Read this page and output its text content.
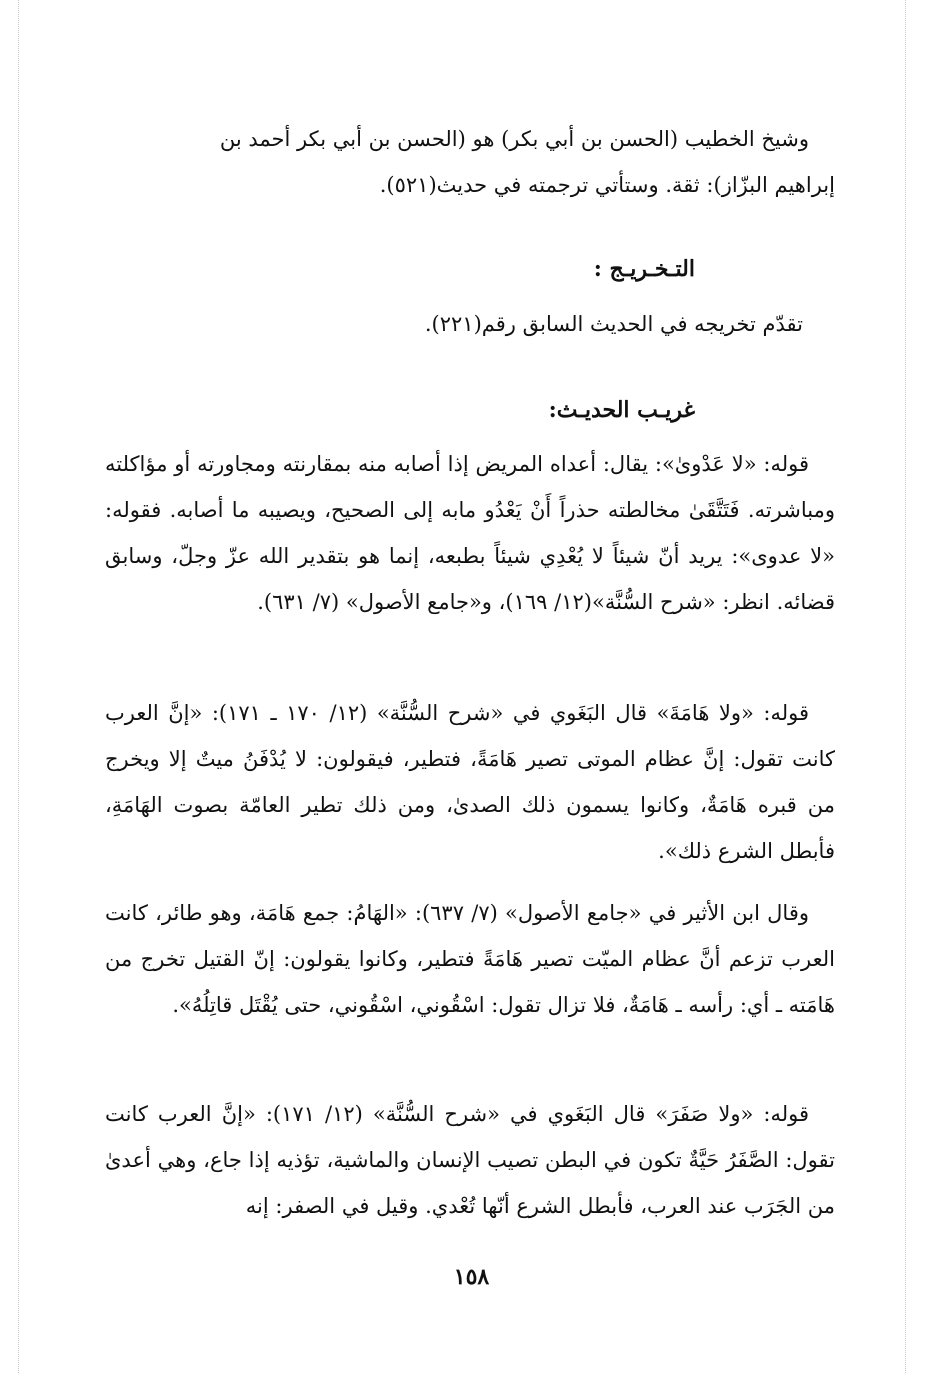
وشيخ الخطيب (الحسن بن أبي بكر) هو (الحسن بن أبي بكر أحمد بن

إبراهيم البزّاز): ثقة. وستأتي ترجمته في حديث(٥٢١).

التـخـريـج :
تقدّم تخريجه في الحديث السابق رقم(٢٢١).
غريـب الحديـث:

قوله: «لا عَدْوىٰ»: يقال: أعداه المريض إذا أصابه منه بمقارنته ومجاورته أو مؤاكلته ومباشرته. فَتَتَّقَىٰ مخالطته حذراً أَنْ يَعْدُو مابه إلى الصحيح، ويصيبه ما أصابه. فقوله: «لا عدوى»: يريد أنّ شيئاً لا يُعْدِي شيئاً بطبعه، إنما هو بتقدير الله عزّ وجلّ، وسابق قضائه. انظر: «شرح السُّنَّة»(١٢/ ١٦٩)، و«جامع الأصول» (٧/ ٦٣١).

قوله: «ولا هَامَةَ» قال البَغَوي في «شرح السُّنَّة» (١٢/ ١٧٠ ـ ١٧١): «إنَّ العرب كانت تقول: إنَّ عظام الموتى تصير هَامَةً، فتطير، فيقولون: لا يُدْفَنُ ميتٌ إلا ويخرج من قبره هَامَةٌ، وكانوا يسمون ذلك الصدىٰ، ومن ذلك تطير العامّة بصوت الهَامَةِ، فأبطل الشرع ذلك».

وقال ابن الأثير في «جامع الأصول» (٧/ ٦٣٧): «الهَامُ: جمع هَامَة، وهو طائر، كانت العرب تزعم أنَّ عظام الميّت تصير هَامَةً فتطير، وكانوا يقولون: إنّ القتيل تخرج من هَامَته ـ أي: رأسه ـ هَامَةٌ، فلا تزال تقول: اسْقُوني، اسْقُوني، حتى يُقْتَل قاتِلُهُ».

قوله: «ولا صَفَرَ» قال البَغَوي في «شرح السُّنَّة» (١٢/ ١٧١): «إنَّ العرب كانت تقول: الصَّفَرُ حَيَّةٌ تكون في البطن تصيب الإنسان والماشية، تؤذيه إذا جاع، وهي أعدىٰ من الجَرَب عند العرب، فأبطل الشرع أنّها تُعْدي. وقيل في الصفر: إنه

١٥٨
